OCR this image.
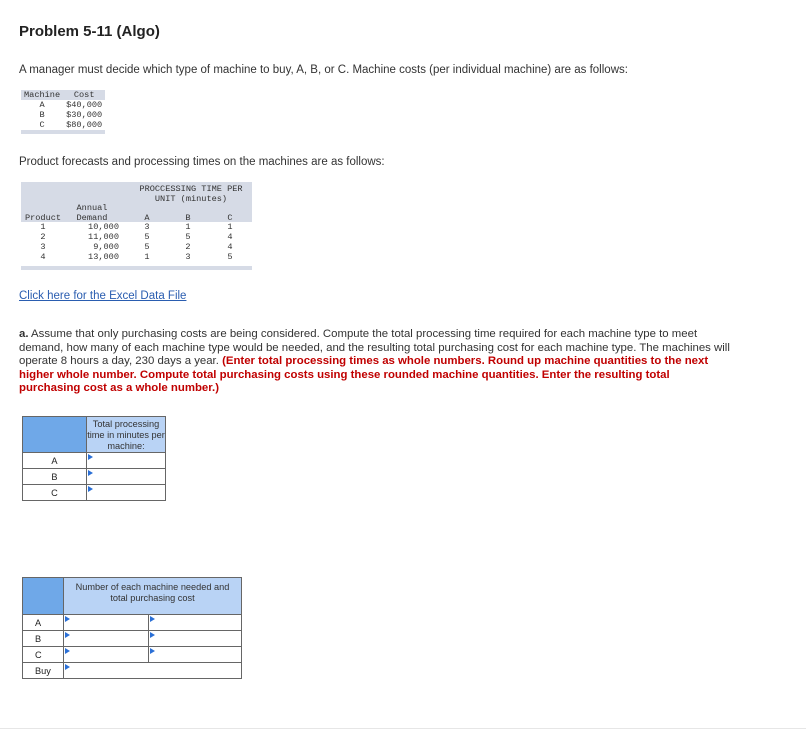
Problem 5-11 (Algo)
A manager must decide which type of machine to buy, A, B, or C. Machine costs (per individual machine) are as follows:
Machine	Cost
A	$40,000
B	$30,000
C	$80,000

Product forecasts and processing times on the machines are as follows:
PROCCESSING TIME PER
UNIT (minutes)
Annual
Product	Demand	A	B	C
1	10,000	3	1	1
2	11,000	5	5	4
3	9,000	5	2	4
4	13,000	1	3	5
Click here for the Excel Data File
a. Assume that only purchasing costs are being considered. Compute the total processing time required for each machine type to meet demand, how many of each machine type would be needed, and the resulting total purchasing cost for each machine type. The machines will operate 8 hours a day, 230 days a year. (Enter total processing times as whole numbers. Round up machine quantities to the next higher whole number. Compute total purchasing costs using these rounded machine quantities. Enter the resulting total purchasing cost as a whole number.)
	Total processing time in minutes per machine:
A	
B	
C	
	Number of each machine needed and total purchasing cost	
A		
B		
C		
Buy	
